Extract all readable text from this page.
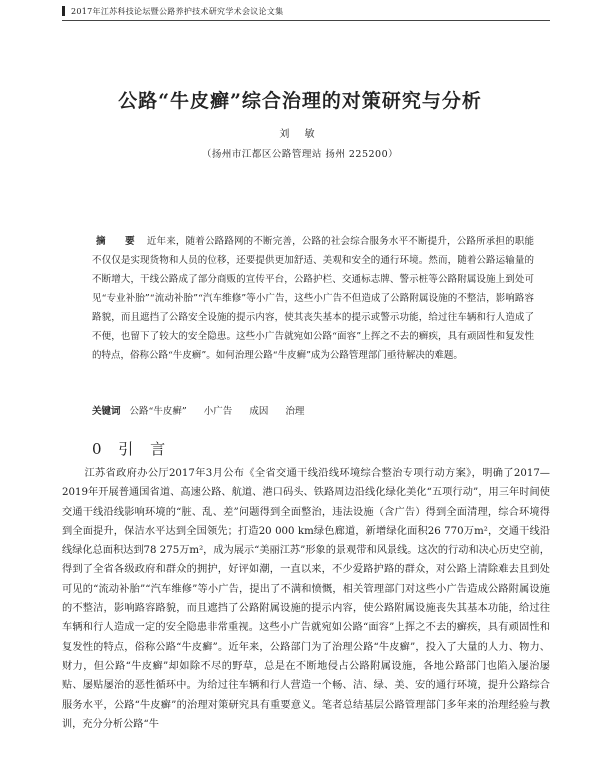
2017年江苏科技论坛暨公路养护技术研究学术会议论文集
公路“牛皮癣”综合治理的对策研究与分析
刘 敏
（扬州市江都区公路管理站 扬州 225200）
摘 要 近年来，随着公路路网的不断完善，公路的社会综合服务水平不断提升，公路所承担的职能不仅仅是实现货物和人员的位移，还要提供更加舒适、美观和安全的通行环境。然而，随着公路运输量的不断增大，干线公路成了部分商贩的宣传平台，公路护栏、交通标志牌、警示桩等公路附属设施上到处可见“专业补胎”“流动补胎”“汽车维修”等小广告，这些小广告不但造成了公路附属设施的不整洁，影响路容路貌，而且遮挡了公路安全设施的提示内容，使其丧失基本的提示或警示功能，给过往车辆和行人造成了不便，也留下了较大的安全隐患。这些小广告就宛如公路“面容”上挥之不去的癣疾，具有顽固性和复发性的特点，俗称公路“牛皮癣”。如何治理公路“牛皮癣”成为公路管理部门亟待解决的难题。
关键词 公路“牛皮癣” 小广告 成因 治理
0 引 言
江苏省政府办公厅2017年3月公布《全省交通干线沿线环境综合整治专项行动方案》，明确了2017—2019年开展普通国省道、高速公路、航道、港口码头、铁路周边沿线化绿化美化“五项行动”，用三年时间使交通干线沿线影响环境的“脏、乱、差”问题得到全面整治，违法设施（含广告）得到全面清理，综合环境得到全面提升，保洁水平达到全国领先；打造20 000 km绿色廊道，新增绿化面积26 770万m²，交通干线沿线绿化总面积达到78 275万m²，成为展示“美丽江苏”形象的景观带和风景线。这次的行动和决心历史空前，得到了全省各级政府和群众的拥护，好评如潮，一直以来，不少爱路护路的群众，对公路上清除难去且到处可见的“流动补胎”“汽车维修”等小广告，提出了不满和愤慨，相关管理部门对这些小广告造成公路附属设施的不整洁，影响路容路貌，而且遮挡了公路附属设施的提示内容，使公路附属设施丧失其基本功能，给过往车辆和行人造成一定的安全隐患非常重视。这些小广告就宛如公路“面容”上挥之不去的癣疾，具有顽固性和复发性的特点，俗称公路“牛皮癣”。近年来，公路部门为了治理公路“牛皮癣”，投入了大量的人力、物力、财力，但公路“牛皮癣”却如除不尽的野草，总是在不断地侵占公路附属设施，各地公路部门也陷入屡治屡贴、屡贴屡治的恶性循环中。为给过往车辆和行人营造一个畅、洁、绿、美、安的通行环境，提升公路综合服务水平，公路“牛皮癣”的治理对策研究具有重要意义。笔者总结基层公路管理部门多年来的治理经验与教训，充分分析公路“牛
